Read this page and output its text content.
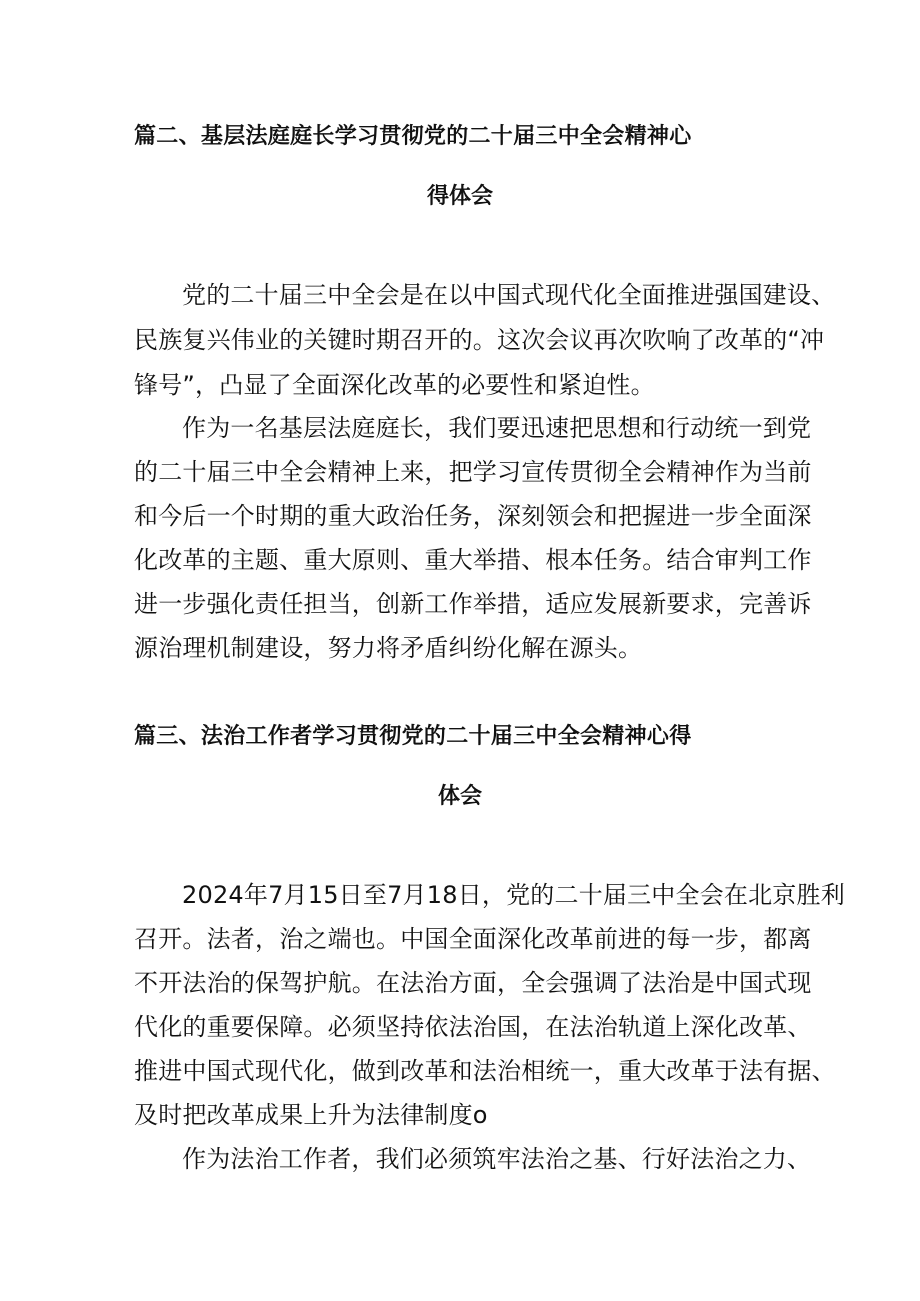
篇二、基层法庭庭长学习贯彻党的二十届三中全会精神心
得体会
党的二十届三中全会是在以中国式现代化全面推进强国建设、
民族复兴伟业的关键时期召开的。这次会议再次吹响了改革的“冲
锋号”，凸显了全面深化改革的必要性和紧迫性。
作为一名基层法庭庭长，我们要迅速把思想和行动统一到党
的二十届三中全会精神上来，把学习宣传贯彻全会精神作为当前
和今后一个时期的重大政治任务，深刻领会和把握进一步全面深
化改革的主题、重大原则、重大举措、根本任务。结合审判工作
进一步强化责任担当，创新工作举措，适应发展新要求，完善诉
源治理机制建设，努力将矛盾纠纷化解在源头。
篇三、法治工作者学习贯彻党的二十届三中全会精神心得
体会
2024年7月15日至7月18日，党的二十届三中全会在北京胜利
召开。法者，治之端也。中国全面深化改革前进的每一步，都离
不开法治的保驾护航。在法治方面，全会强调了法治是中国式现
代化的重要保障。必须坚持依法治国，在法治轨道上深化改革、
推进中国式现代化，做到改革和法治相统一，重大改革于法有据、
及时把改革成果上升为法律制度o
作为法治工作者，我们必须筑牢法治之基、行好法治之力、
